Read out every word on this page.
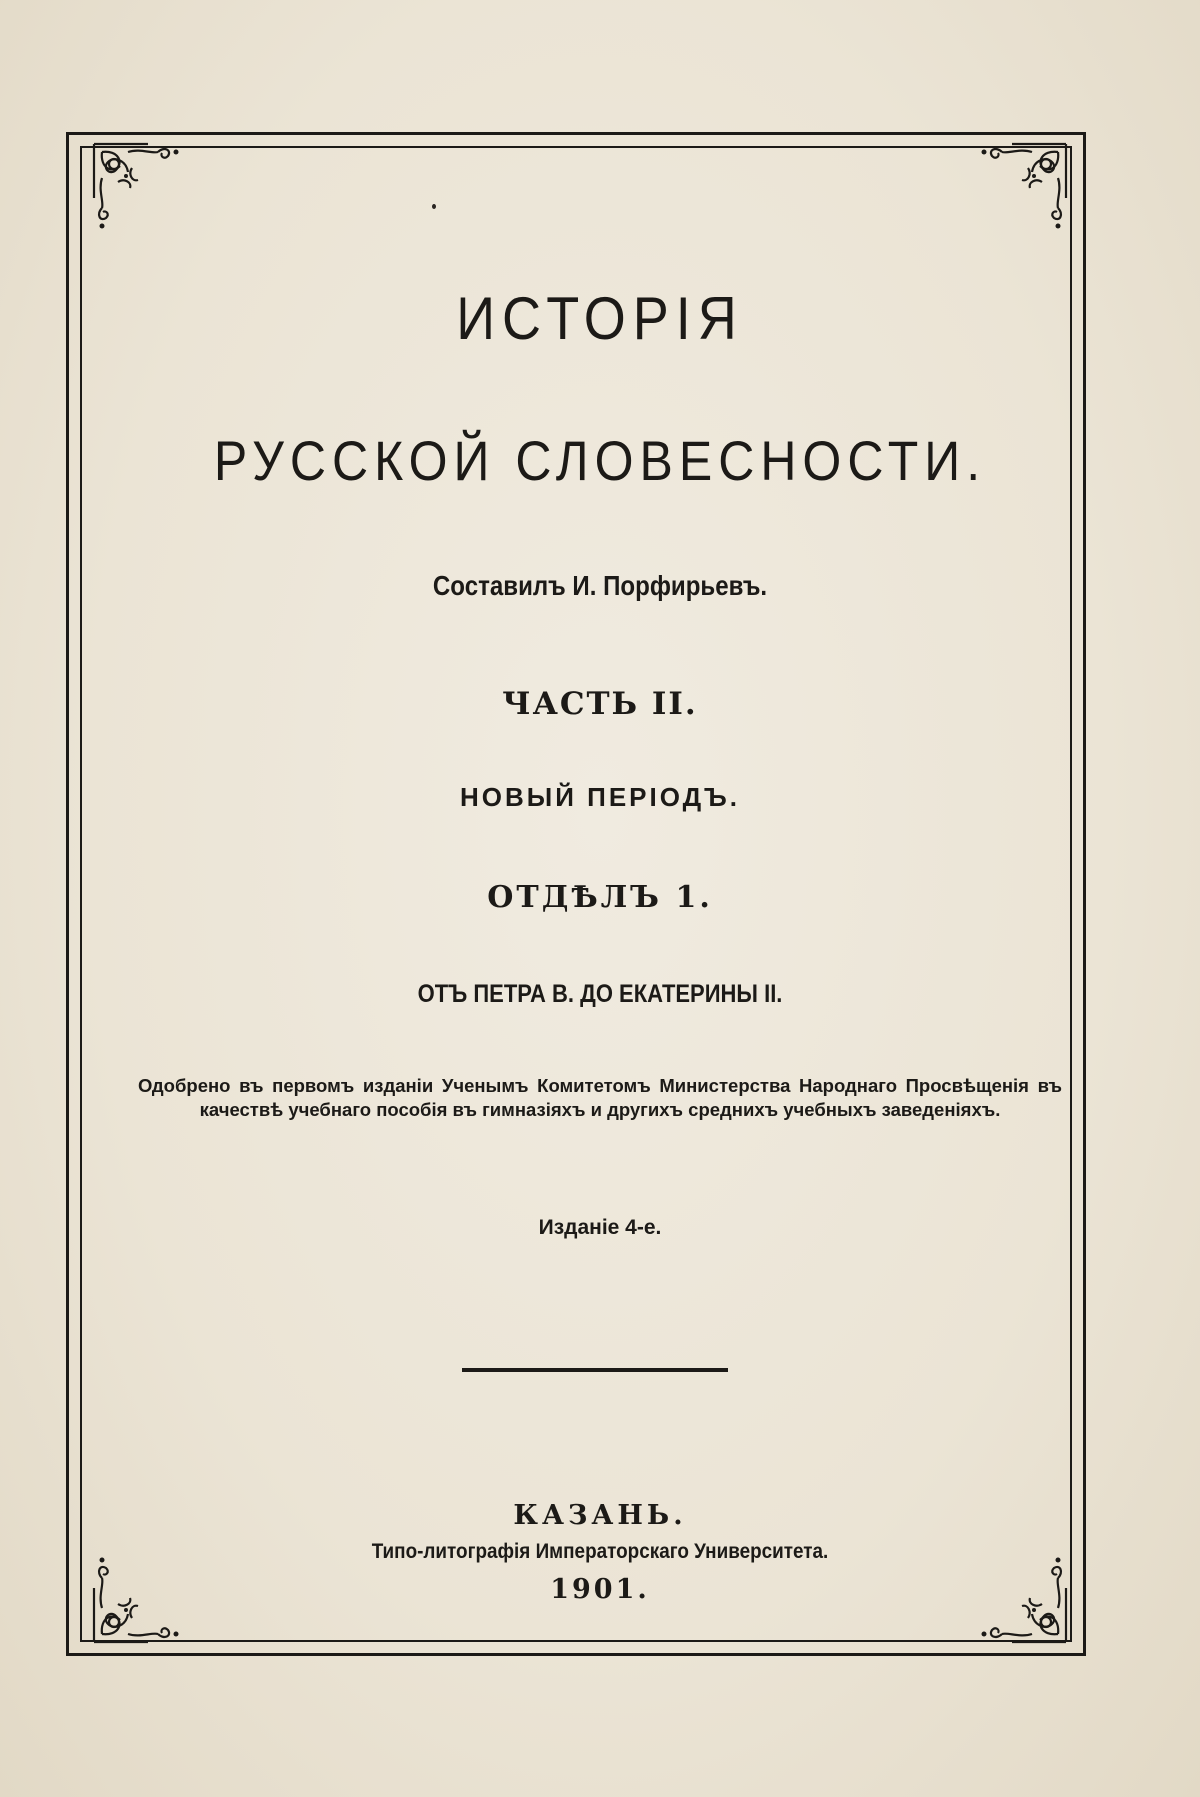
ИСТОРІЯ
РУССКОЙ СЛОВЕСНОСТИ.
Составилъ И. Порфирьевъ.
ЧАСТЬ II.
НОВЫЙ ПЕРІОДЪ.
ОТДѢЛЪ 1.
ОТЪ ПЕТРА В. ДО ЕКАТЕРИНЫ II.
Одобрено въ первомъ изданіи Ученымъ Комитетомъ Министерства Народнаго Просвѣщенія въ качествѣ учебнаго пособія въ гимназіяхъ и другихъ среднихъ учебныхъ заведеніяхъ.
Изданіе 4-е.
КАЗАНЬ.
Типо-литографія Императорскаго Университета.
1901.
